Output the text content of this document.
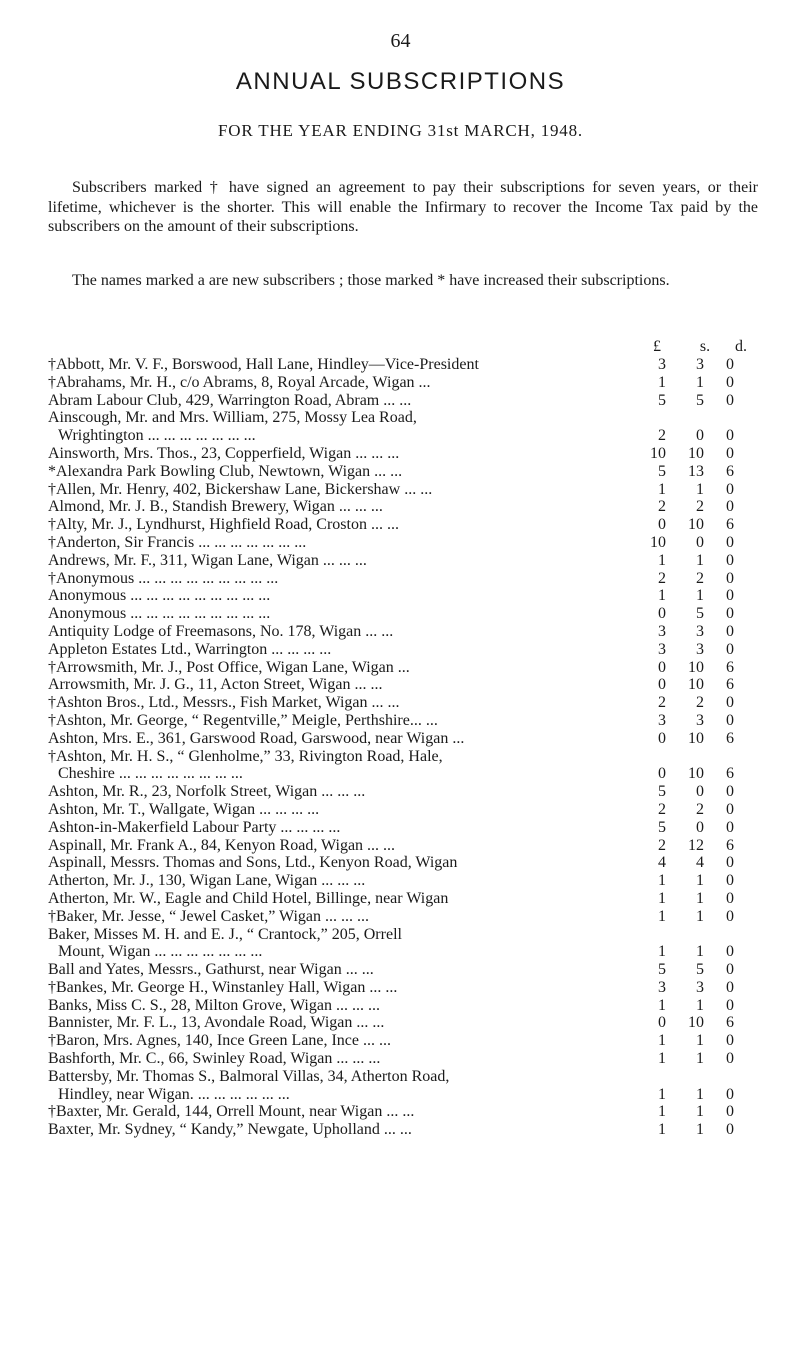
64
ANNUAL SUBSCRIPTIONS
FOR THE YEAR ENDING 31st MARCH, 1948.

Subscribers marked † have signed an agreement to pay their subscriptions for seven years, or their lifetime, whichever is the shorter. This will enable the Infirmary to recover the Income Tax paid by the subscribers on the amount of their subscriptions.

The names marked a are new subscribers ; those marked * have increased their subscriptions.

£	s.	d.
†Abbott, Mr. V. F., Borswood, Hall Lane, Hindley—Vice-President	3	3	0
†Abrahams, Mr. H., c/o Abrams, 8, Royal Arcade, Wigan ...	1	1	0
Abram Labour Club, 429, Warrington Road, Abram ... ...	5	5	0
Ainscough, Mr. and Mrs. William, 275, Mossy Lea Road,
Wrightington ... ... ... ... ... ... ...	2	0	0
Ainsworth, Mrs. Thos., 23, Copperfield, Wigan ... ... ...	10	10	0
*Alexandra Park Bowling Club, Newtown, Wigan ... ...	5	13	6
†Allen, Mr. Henry, 402, Bickershaw Lane, Bickershaw ... ...	1	1	0
Almond, Mr. J. B., Standish Brewery, Wigan ... ... ...	2	2	0
†Alty, Mr. J., Lyndhurst, Highfield Road, Croston ... ...	0	10	6
†Anderton, Sir Francis ... ... ... ... ... ... ...	10	0	0
Andrews, Mr. F., 311, Wigan Lane, Wigan ... ... ...	1	1	0
†Anonymous ... ... ... ... ... ... ... ... ...	2	2	0
Anonymous ... ... ... ... ... ... ... ... ...	1	1	0
Anonymous ... ... ... ... ... ... ... ... ...	0	5	0
Antiquity Lodge of Freemasons, No. 178, Wigan ... ...	3	3	0
Appleton Estates Ltd., Warrington ... ... ... ...	3	3	0
†Arrowsmith, Mr. J., Post Office, Wigan Lane, Wigan ...	0	10	6
Arrowsmith, Mr. J. G., 11, Acton Street, Wigan ... ...	0	10	6
†Ashton Bros., Ltd., Messrs., Fish Market, Wigan ... ...	2	2	0
†Ashton, Mr. George, “ Regentville,” Meigle, Perthshire... ...	3	3	0
Ashton, Mrs. E., 361, Garswood Road, Garswood, near Wigan ...	0	10	6
†Ashton, Mr. H. S., “ Glenholme,” 33, Rivington Road, Hale,
Cheshire ... ... ... ... ... ... ... ...	0	10	6
Ashton, Mr. R., 23, Norfolk Street, Wigan ... ... ...	5	0	0
Ashton, Mr. T., Wallgate, Wigan ... ... ... ...	2	2	0
Ashton-in-Makerfield Labour Party ... ... ... ...	5	0	0
Aspinall, Mr. Frank A., 84, Kenyon Road, Wigan ... ...	2	12	6
Aspinall, Messrs. Thomas and Sons, Ltd., Kenyon Road, Wigan	4	4	0
Atherton, Mr. J., 130, Wigan Lane, Wigan ... ... ...	1	1	0
Atherton, Mr. W., Eagle and Child Hotel, Billinge, near Wigan	1	1	0
†Baker, Mr. Jesse, “ Jewel Casket,” Wigan ... ... ...	1	1	0
Baker, Misses M. H. and E. J., “ Crantock,” 205, Orrell
Mount, Wigan ... ... ... ... ... ... ...	1	1	0
Ball and Yates, Messrs., Gathurst, near Wigan ... ...	5	5	0
†Bankes, Mr. George H., Winstanley Hall, Wigan ... ...	3	3	0
Banks, Miss C. S., 28, Milton Grove, Wigan ... ... ...	1	1	0
Bannister, Mr. F. L., 13, Avondale Road, Wigan ... ...	0	10	6
†Baron, Mrs. Agnes, 140, Ince Green Lane, Ince ... ...	1	1	0
Bashforth, Mr. C., 66, Swinley Road, Wigan ... ... ...	1	1	0
Battersby, Mr. Thomas S., Balmoral Villas, 34, Atherton Road,
Hindley, near Wigan. ... ... ... ... ... ...	1	1	0
†Baxter, Mr. Gerald, 144, Orrell Mount, near Wigan ... ...	1	1	0
Baxter, Mr. Sydney, “ Kandy,” Newgate, Upholland ... ...	1	1	0
